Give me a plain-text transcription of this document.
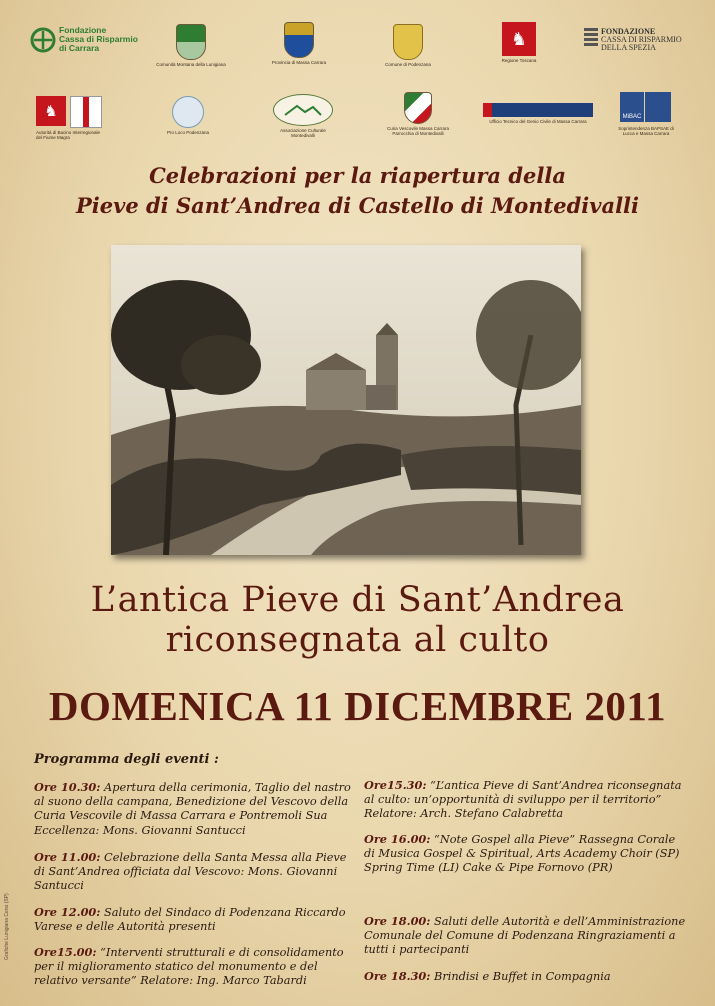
Fondazione
Cassa di Risparmio
di Carrara
Comunità Montana della Lunigiana	Provincia di Massa Carrara	Comune di Podenzana
♞
Regione Toscana
FONDAZIONE
CASSA DI RISPARMIO
DELLA SPEZIA
♞
Autorità di Bacino Interregionale del Fiume Magra
Pro Loco Podenzana	Associazione Culturale Montedivalli
Curia Vescovile Massa Carrara Parrocchia di Montedivalli
Ufficio Tecnico del Genio Civile di Massa Carrara
MiBAC
Soprintendenza BAPSAE di Lucca e Massa Carrara
Celebrazioni per la riapertura della
Pieve di Sant’Andrea di Castello di Montedivalli
L’antica Pieve di Sant’Andrea
riconsegnata al culto
DOMENICA 11 DICEMBRE 2011
Programma degli eventi :
Ore 10.30: Apertura della cerimonia, Taglio del nastro al suono della campana, Benedizione del Vescovo della Curia Vescovile di Massa Carrara e Pontremoli Sua Eccellenza: Mons. Giovanni Santucci
Ore 11.00: Celebrazione della Santa Messa alla Pieve di Sant’Andrea officiata dal Vescovo: Mons. Giovanni Santucci
Ore 12.00: Saluto del Sindaco di Podenzana Riccardo Varese e delle Autorità presenti
Ore15.00: “Interventi strutturali e di consolidamento per il miglioramento statico del monumento e del relativo versante” Relatore: Ing. Marco Tabardi
Ore15.30: “L’antica Pieve di Sant’Andrea riconsegnata al culto: un’opportunità di sviluppo per il territorio” Relatore: Arch. Stefano Calabretta
Ore 16.00: “Note Gospel alla Pieve” Rassegna Corale di Musica Gospel & Spiritual, Arts Academy Choir (SP) Spring Time (LI) Cake & Pipe Fornovo (PR)
Ore 18.00: Saluti delle Autorità e dell’Amministrazione Comunale del Comune di Podenzana Ringraziamenti a tutti i partecipanti
Ore 18.30: Brindisi e Buffet in Compagnia
Grafiche Lunigiana Ceno (SP)
